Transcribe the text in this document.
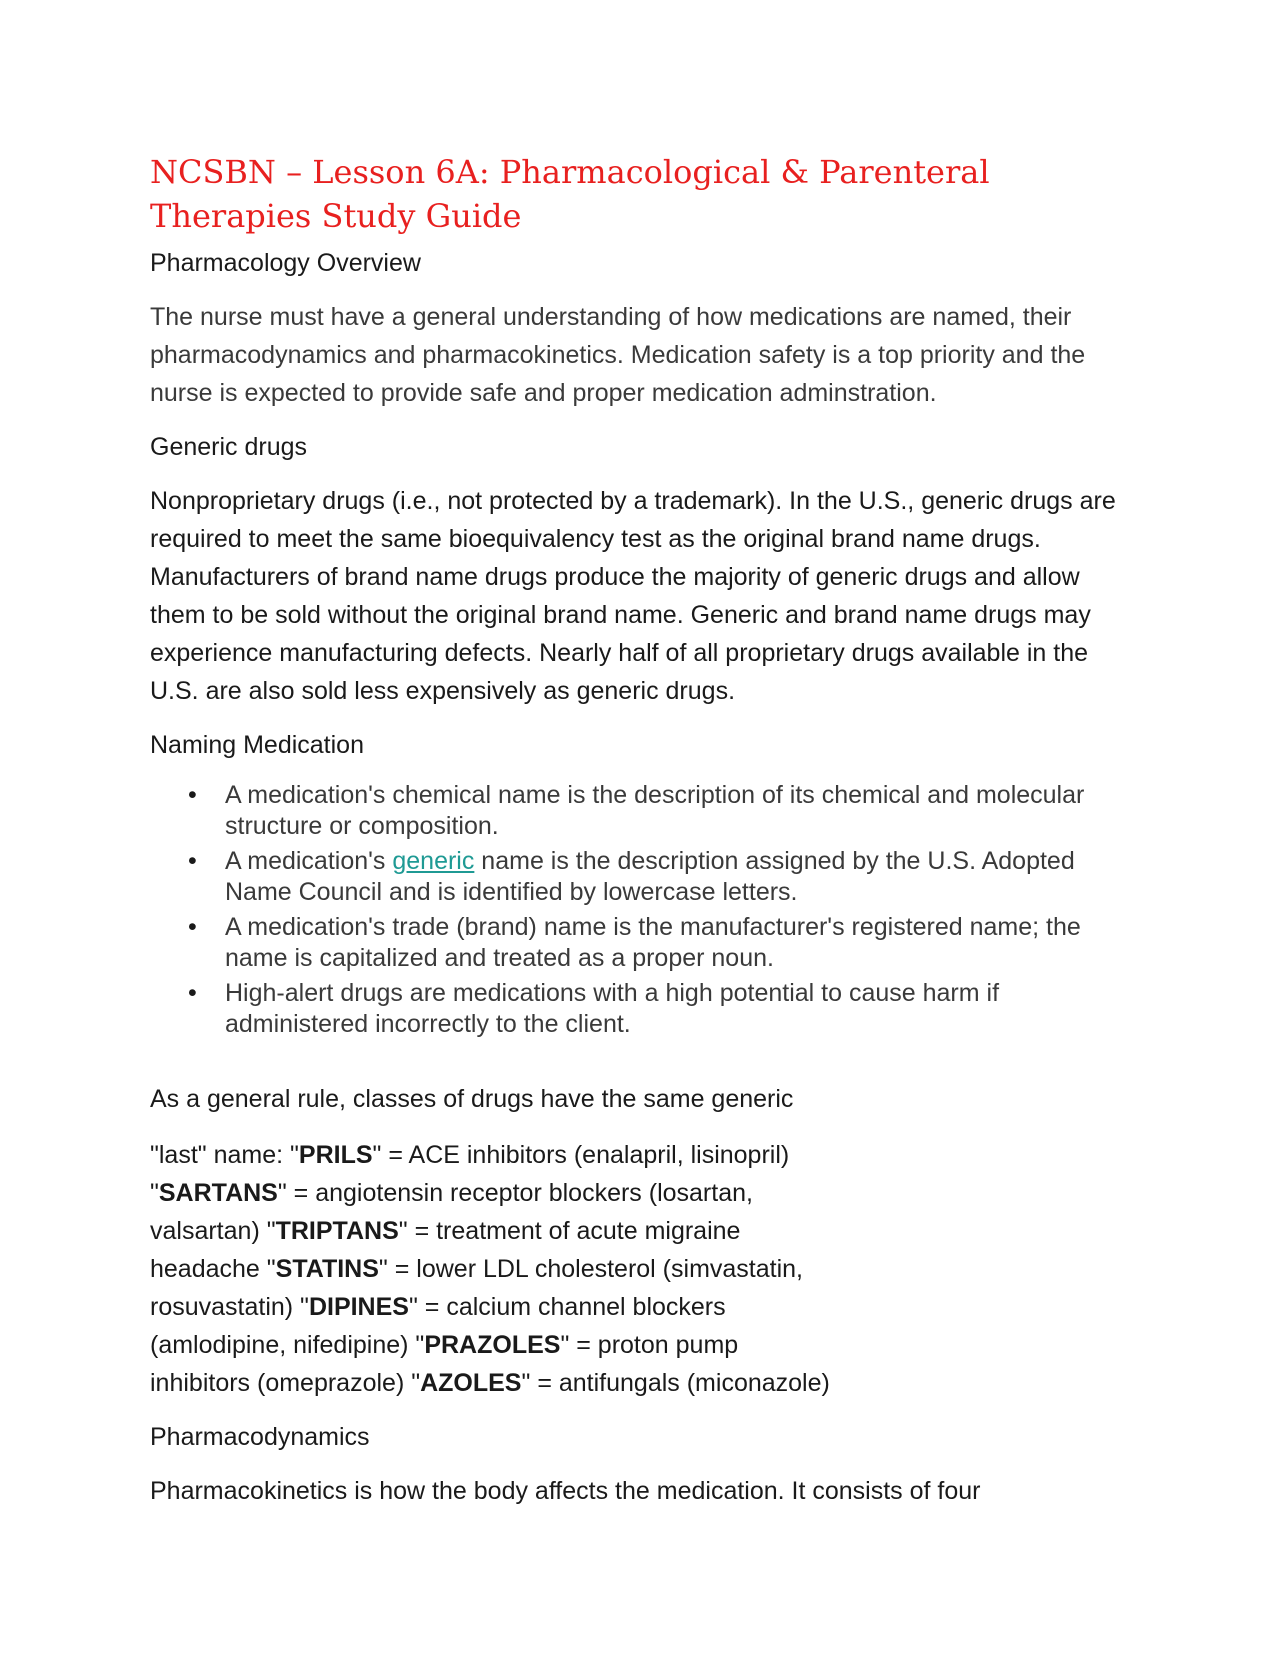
NCSBN – Lesson 6A: Pharmacological & Parenteral Therapies Study Guide
Pharmacology Overview

The nurse must have a general understanding of how medications are named, their pharmacodynamics and pharmacokinetics. Medication safety is a top priority and the nurse is expected to provide safe and proper medication adminstration.

Generic drugs

Nonproprietary drugs (i.e., not protected by a trademark). In the U.S., generic drugs are required to meet the same bioequivalency test as the original brand name drugs. Manufacturers of brand name drugs produce the majority of generic drugs and allow them to be sold without the original brand name. Generic and brand name drugs may experience manufacturing defects. Nearly half of all proprietary drugs available in the U.S. are also sold less expensively as generic drugs.

Naming Medication
• A medication's chemical name is the description of its chemical and molecular structure or composition.
• A medication's generic name is the description assigned by the U.S. Adopted Name Council and is identified by lowercase letters.
• A medication's trade (brand) name is the manufacturer's registered name; the name is capitalized and treated as a proper noun.
• High-alert drugs are medications with a high potential to cause harm if administered incorrectly to the client.

As a general rule, classes of drugs have the same generic

"last" name: "PRILS" = ACE inhibitors (enalapril, lisinopril) "SARTANS" = angiotensin receptor blockers (losartan, valsartan) "TRIPTANS" = treatment of acute migraine headache "STATINS" = lower LDL cholesterol (simvastatin, rosuvastatin) "DIPINES" = calcium channel blockers (amlodipine, nifedipine) "PRAZOLES" = proton pump inhibitors (omeprazole) "AZOLES" = antifungals (miconazole)

Pharmacodynamics

Pharmacokinetics is how the body affects the medication. It consists of four
